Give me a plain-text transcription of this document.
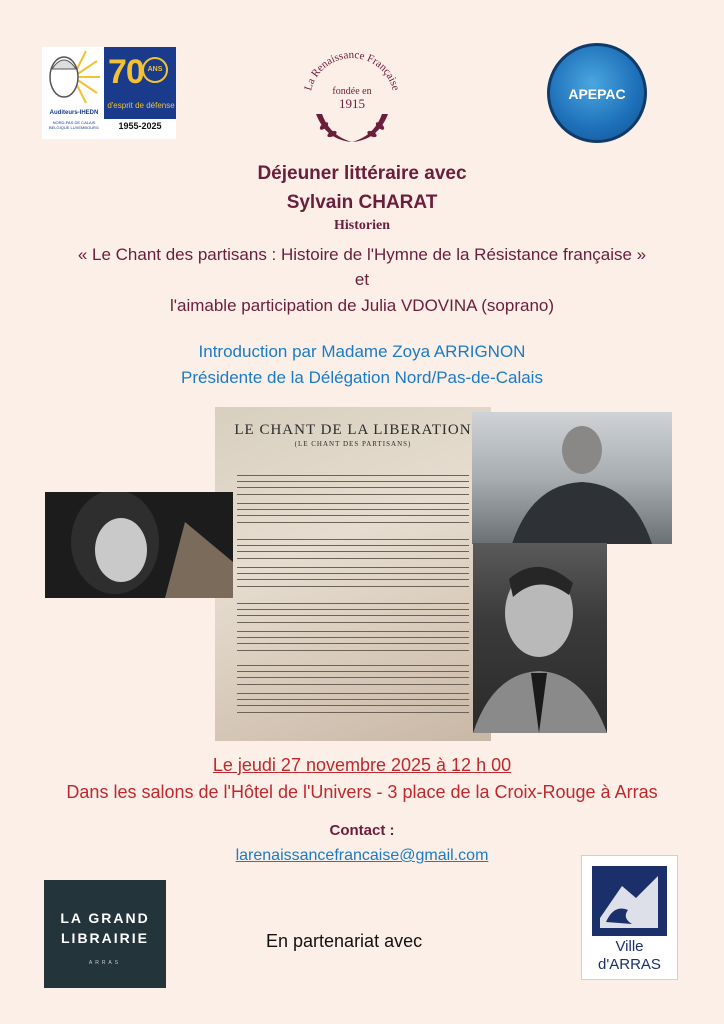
Auditeurs-IHEDN
NORD-PAS DE CALAIS
BELGIQUE LUXEMBOURG
70 ANS
d'esprit de défense
1955-2025
La Renaissance Française
fondée en
1915
APEPAC
Déjeuner littéraire avec
Sylvain CHARAT
Historien
« Le Chant des partisans : Histoire de l'Hymne de la Résistance française »
et
l'aimable participation de Julia VDOVINA (soprano)
Introduction par Madame Zoya ARRIGNON
Présidente de la Délégation Nord/Pas-de-Calais
LE CHANT DE LA LIBERATION
(LE CHANT DES PARTISANS)
Le jeudi 27 novembre 2025 à 12 h 00
Dans les salons de l'Hôtel de l'Univers - 3 place de la Croix-Rouge à Arras
Contact :
larenaissancefrancaise@gmail.com
LA GRAND
LIBRAIRIE
ARRAS
En partenariat avec	Ville
d'ARRAS
